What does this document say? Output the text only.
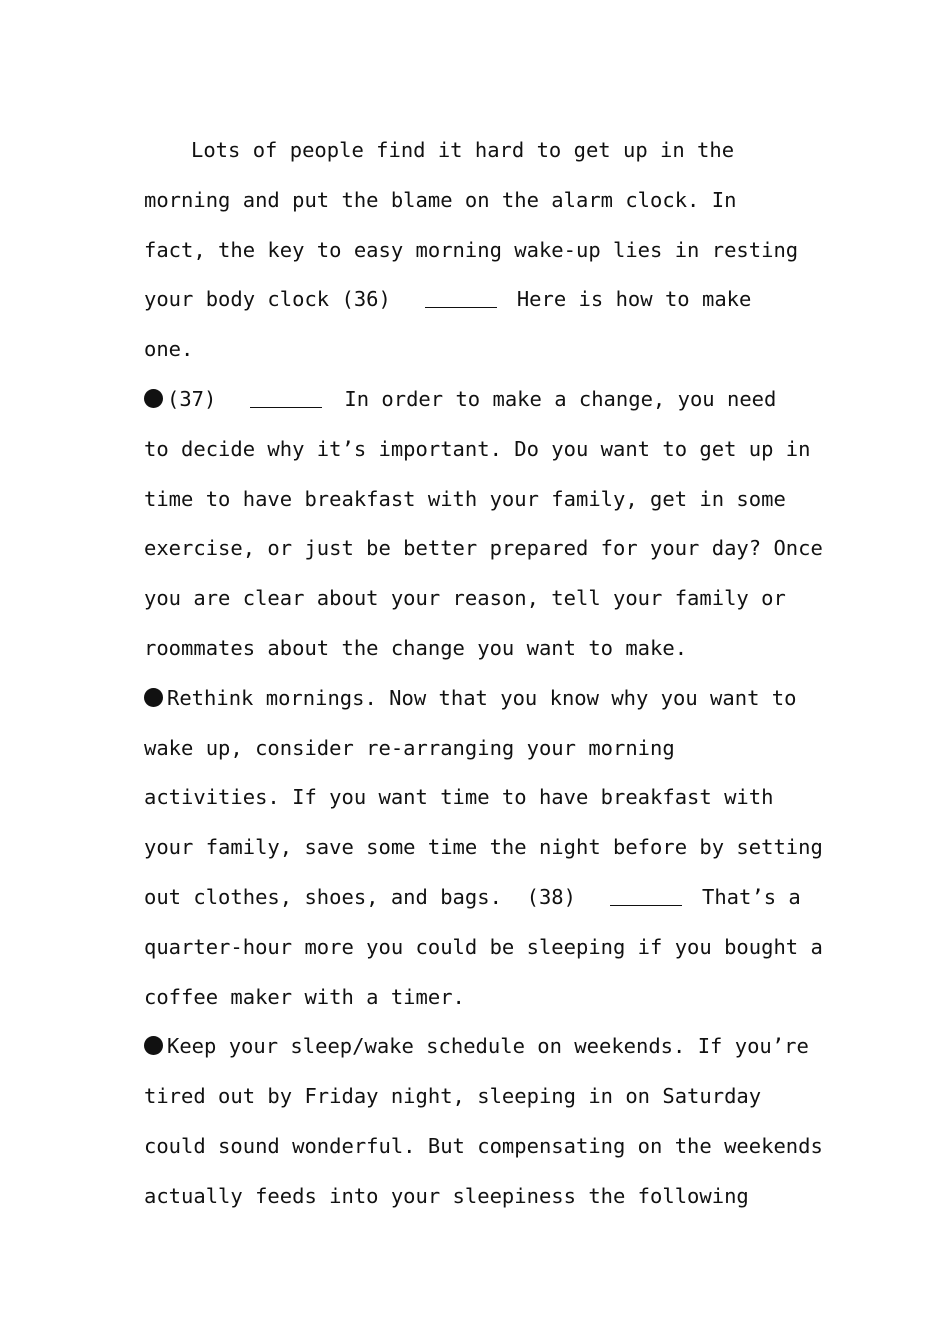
Lots of people find it hard to get up in the
morning and put the blame on the alarm clock. In
fact, the key to easy morning wake-up lies in resting
your body clock (36)	Here is how to make
one.
(37)	In order to make a change, you need
to decide why it’s important. Do you want to get up in
time to have breakfast with your family, get in some
exercise, or just be better prepared for your day? Once
you are clear about your reason, tell your family or
roommates about the change you want to make.
Rethink mornings. Now that you know why you want to
wake up, consider re-arranging your morning
activities. If you want time to have breakfast with
your family, save some time the night before by setting
out clothes, shoes, and bags.  (38)	That’s a
quarter-hour more you could be sleeping if you bought a
coffee maker with a timer.
Keep your sleep/wake schedule on weekends. If you’re
tired out by Friday night, sleeping in on Saturday
could sound wonderful. But compensating on the weekends
actually feeds into your sleepiness the following
